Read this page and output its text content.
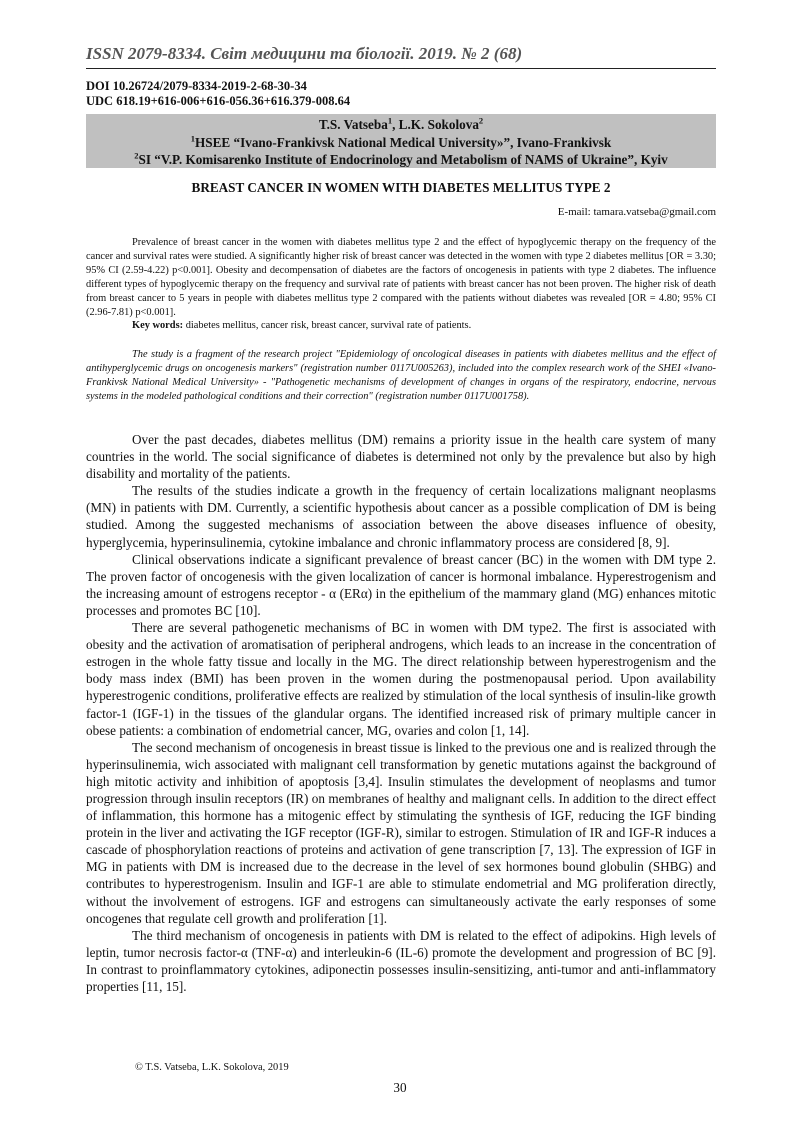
ISSN 2079-8334. Світ медицини та біології. 2019. № 2 (68)
DOI 10.26724/2079-8334-2019-2-68-30-34
UDC 618.19+616-006+616-056.36+616.379-008.64
T.S. Vatseba$^1$, L.K. Sokolova$^2$
$^1$HSEE “Ivano-Frankivsk National Medical University»”, Ivano-Frankivsk
$^2$SI “V.P. Komisarenko Institute of Endocrinology and Metabolism of NAMS of Ukraine”, Kyiv
BREAST CANCER IN WOMEN WITH DIABETES MELLITUS TYPE 2
E-mail: tamara.vatseba@gmail.com

Prevalence of breast cancer in the women with diabetes mellitus type 2 and the effect of hypoglycemic therapy on the frequency of the cancer and survival rates were studied. A significantly higher risk of breast cancer was detected in the women with type 2 diabetes mellitus [OR = 3.30; 95% CI (2.59-4.22) p<0.001]. Obesity and decompensation of diabetes are the factors of oncogenesis in patients with type 2 diabetes. The influence different types of hypoglycemic therapy on the frequency and survival rate of patients with breast cancer has not been proven. The higher risk of death from breast cancer to 5 years in people with diabetes mellitus type 2 compared with the patients without diabetes was revealed [OR = 4.80; 95% CI (2.96-7.81) p<0.001].

Key words: diabetes mellitus, cancer risk, breast cancer, survival rate of patients.

The study is a fragment of the research project "Epidemiology of oncological diseases in patients with diabetes mellitus and the effect of antihyperglycemic drugs on oncogenesis markers" (registration number 0117U005263), included into the complex research work of the SHEI «Ivano-Frankivsk National Medical University» - "Pathogenetic mechanisms of development of changes in organs of the respiratory, endocrine, nervous systems in the modeled pathological conditions and their correction" (registration number 0117U001758).

Over the past decades, diabetes mellitus (DM) remains a priority issue in the health care system of many countries in the world. The social significance of diabetes is determined not only by the prevalence but also by high disability and mortality of the patients.

The results of the studies indicate a growth in the frequency of certain localizations malignant neoplasms (MN) in patients with DM. Currently, a scientific hypothesis about cancer as a possible complication of DM is being studied. Among the suggested mechanisms of association between the above diseases influence of obesity, hyperglycemia, hyperinsulinemia, cytokine imbalance and chronic inflammatory process are considered [8, 9].

Clinical observations indicate a significant prevalence of breast cancer (BC) in the women with DM type 2. The proven factor of oncogenesis with the given localization of cancer is hormonal imbalance. Hyperestrogenism and the increasing amount of estrogens receptor - α (ERα) in the epithelium of the mammary gland (MG) enhances mitotic processes and promotes BC [10].

There are several pathogenetic mechanisms of BC in women with DM type2. The first is associated with obesity and the activation of aromatisation of peripheral androgens, which leads to an increase in the concentration of estrogen in the whole fatty tissue and locally in the MG. The direct relationship between hyperestrogenism and the body mass index (BMI) has been proven in the women during the postmenopausal period. Upon availability hyperestrogenic conditions, proliferative effects are realized by stimulation of the local synthesis of insulin-like growth factor-1 (IGF-1) in the tissues of the glandular organs. The identified increased risk of primary multiple cancer in obese patients: a combination of endometrial cancer, MG, ovaries and colon [1, 14].

The second mechanism of oncogenesis in breast tissue is linked to the previous one and is realized through the hyperinsulinemia, wich associated with malignant cell transformation by genetic mutations against the background of high mitotic activity and inhibition of apoptosis [3,4]. Insulin stimulates the development of neoplasms and tumor progression through insulin receptors (IR) on membranes of healthy and malignant cells. In addition to the direct effect of inflammation, this hormone has a mitogenic effect by stimulating the synthesis of IGF, reducing the IGF binding protein in the liver and activating the IGF receptor (IGF-R), similar to estrogen. Stimulation of IR and IGF-R induces a cascade of phosphorylation reactions of proteins and activation of gene transcription [7, 13]. The expression of IGF in MG in patients with DM is increased due to the decrease in the level of sex hormones bound globulin (SHBG) and contributes to hyperestrogenism. Insulin and IGF-1 are able to stimulate endometrial and MG proliferation directly, without the involvement of estrogens. IGF and estrogens can simultaneously activate the early responses of some oncogenes that regulate cell growth and proliferation [1].

The third mechanism of oncogenesis in patients with DM is related to the effect of adipokins. High levels of leptin, tumor necrosis factor-α (TNF-α) and interleukin-6 (IL-6) promote the development and progression of BC [9]. In contrast to proinflammatory cytokines, adiponectin possesses insulin-sensitizing, anti-tumor and anti-inflammatory properties [11, 15].

© T.S. Vatseba, L.K. Sokolova, 2019
30
